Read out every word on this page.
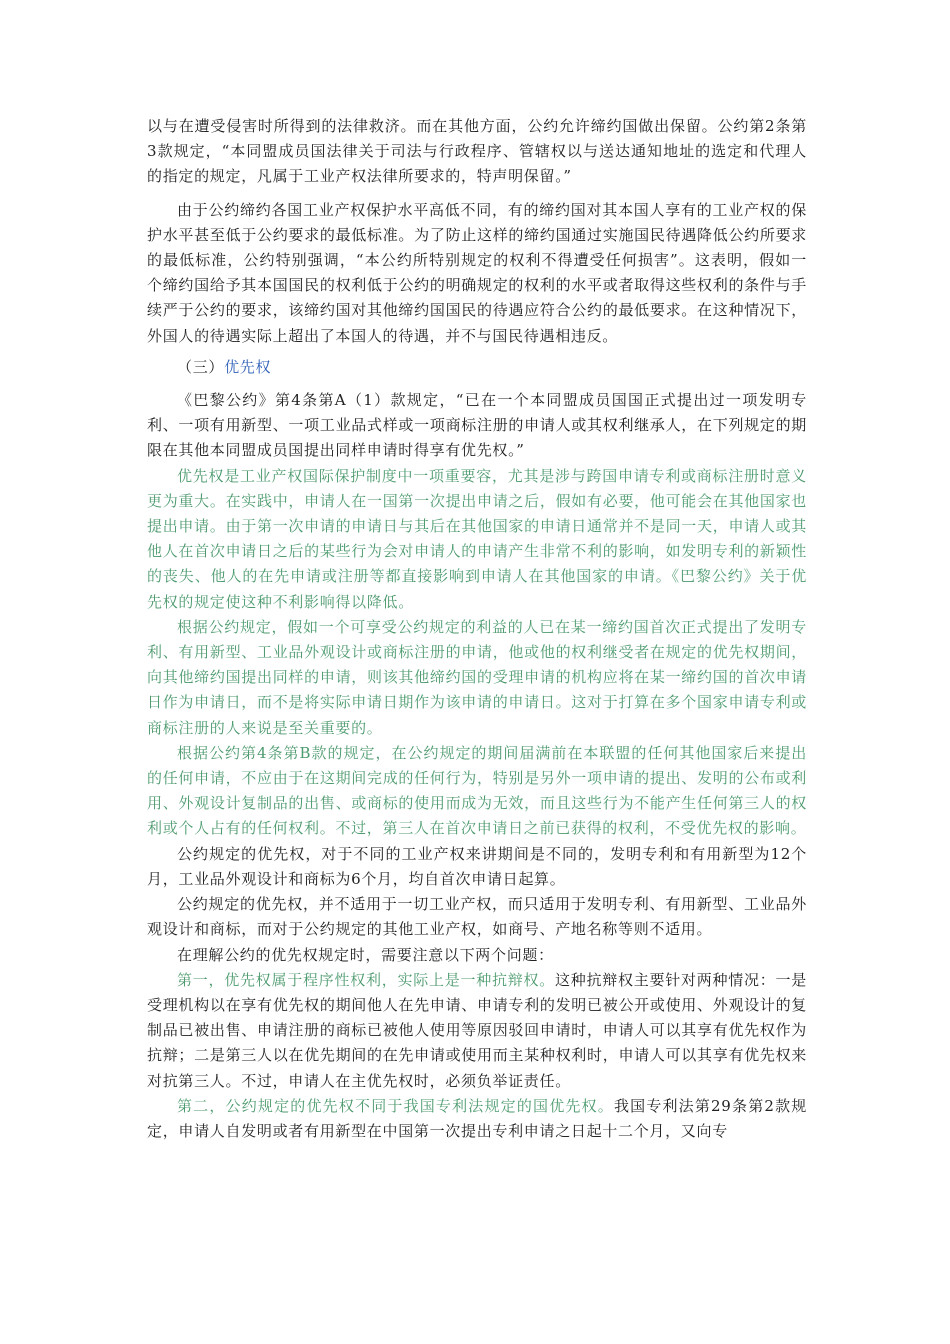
以与在遭受侵害时所得到的法律救济。而在其他方面，公约允许缔约国做出保留。公约第2条第3款规定，“本同盟成员国法律关于司法与行政程序、管辖权以与送达通知地址的选定和代理人的指定的规定，凡属于工业产权法律所要求的，特声明保留。”

由于公约缔约各国工业产权保护水平高低不同，有的缔约国对其本国人享有的工业产权的保护水平甚至低于公约要求的最低标准。为了防止这样的缔约国通过实施国民待遇降低公约所要求的最低标准，公约特别强调，“本公约所特别规定的权利不得遭受任何损害”。这表明，假如一个缔约国给予其本国国民的权利低于公约的明确规定的权利的水平或者取得这些权利的条件与手续严于公约的要求，该缔约国对其他缔约国国民的待遇应符合公约的最低要求。在这种情况下，外国人的待遇实际上超出了本国人的待遇，并不与国民待遇相违反。

（三）优先权

《巴黎公约》第4条第A（1）款规定，“已在一个本同盟成员国国正式提出过一项发明专利、一项有用新型、一项工业品式样或一项商标注册的申请人或其权利继承人，在下列规定的期限在其他本同盟成员国提出同样申请时得享有优先权。”

优先权是工业产权国际保护制度中一项重要容，尤其是涉与跨国申请专利或商标注册时意义更为重大。在实践中，申请人在一国第一次提出申请之后，假如有必要，他可能会在其他国家也提出申请。由于第一次申请的申请日与其后在其他国家的申请日通常并不是同一天，申请人或其他人在首次申请日之后的某些行为会对申请人的申请产生非常不利的影响，如发明专利的新颖性的丧失、他人的在先申请或注册等都直接影响到申请人在其他国家的申请。《巴黎公约》关于优先权的规定使这种不利影响得以降低。

根据公约规定，假如一个可享受公约规定的利益的人已在某一缔约国首次正式提出了发明专利、有用新型、工业品外观设计或商标注册的申请，他或他的权利继受者在规定的优先权期间，向其他缔约国提出同样的申请，则该其他缔约国的受理申请的机构应将在某一缔约国的首次申请日作为申请日，而不是将实际申请日期作为该申请的申请日。这对于打算在多个国家申请专利或商标注册的人来说是至关重要的。

根据公约第4条第B款的规定，在公约规定的期间届满前在本联盟的任何其他国家后来提出的任何申请，不应由于在这期间完成的任何行为，特别是另外一项申请的提出、发明的公布或利用、外观设计复制品的出售、或商标的使用而成为无效，而且这些行为不能产生任何第三人的权利或个人占有的任何权利。不过，第三人在首次申请日之前已获得的权利，不受优先权的影响。

公约规定的优先权，对于不同的工业产权来讲期间是不同的，发明专利和有用新型为12个月，工业品外观设计和商标为6个月，均自首次申请日起算。

公约规定的优先权，并不适用于一切工业产权，而只适用于发明专利、有用新型、工业品外观设计和商标，而对于公约规定的其他工业产权，如商号、产地名称等则不适用。

在理解公约的优先权规定时，需要注意以下两个问题：

第一，优先权属于程序性权利，实际上是一种抗辩权。这种抗辩权主要针对两种情况：一是受理机构以在享有优先权的期间他人在先申请、申请专利的发明已被公开或使用、外观设计的复制品已被出售、申请注册的商标已被他人使用等原因驳回申请时，申请人可以其享有优先权作为抗辩；二是第三人以在优先期间的在先申请或使用而主某种权利时，申请人可以其享有优先权来对抗第三人。不过，申请人在主优先权时，必须负举证责任。

第二，公约规定的优先权不同于我国专利法规定的国优先权。我国专利法第29条第2款规定，申请人自发明或者有用新型在中国第一次提出专利申请之日起十二个月，又向专
